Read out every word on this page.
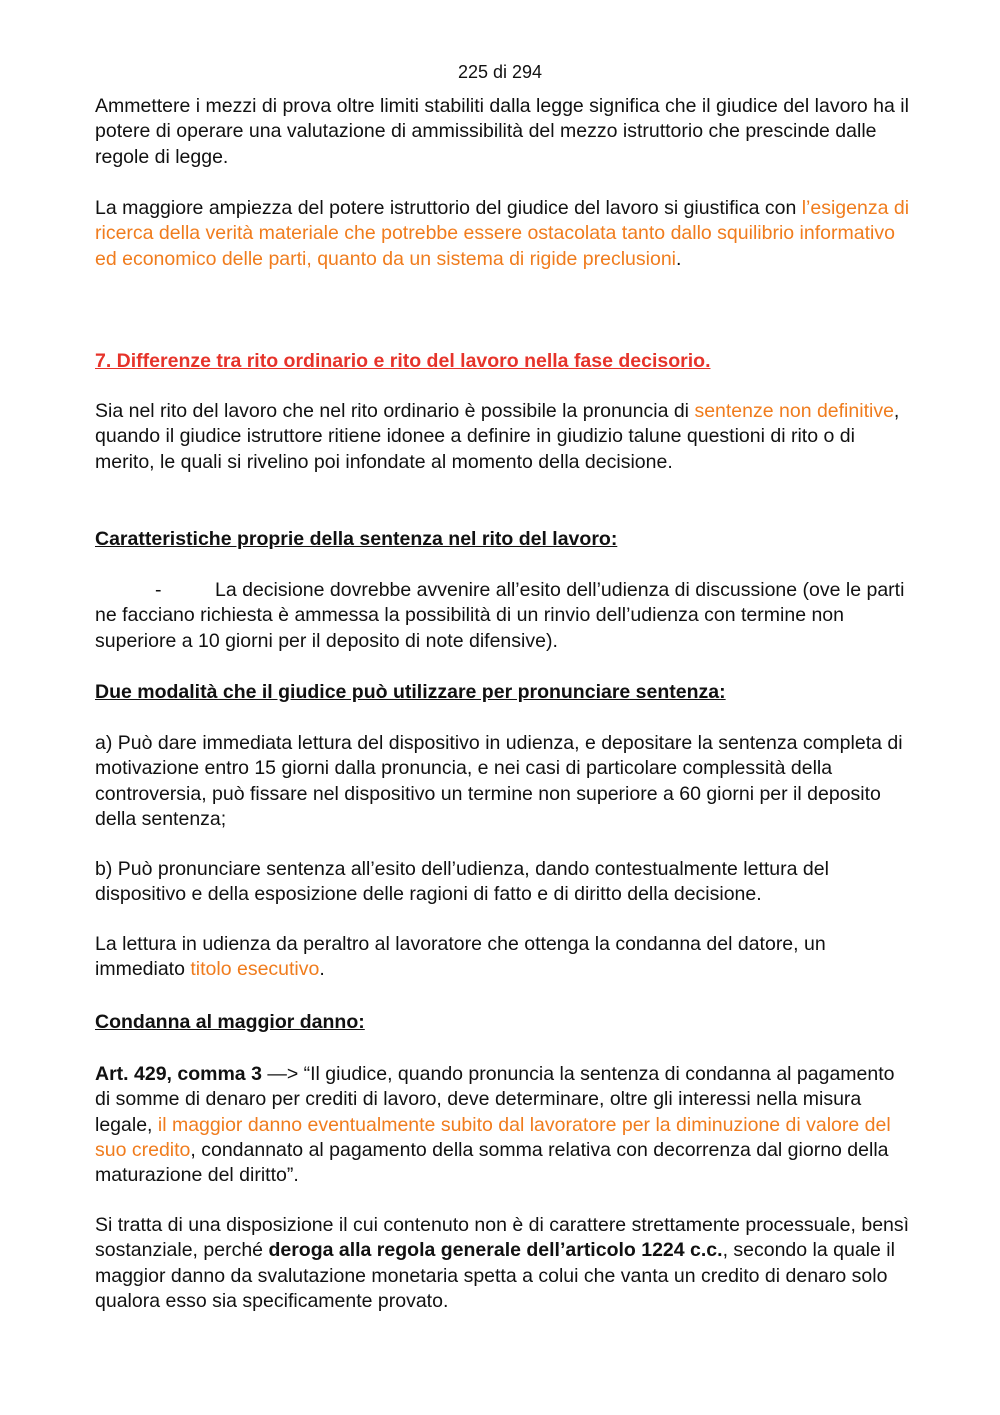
225 di 294

Ammettere i mezzi di prova oltre limiti stabiliti dalla legge significa che il giudice del lavoro ha il potere di operare una valutazione di ammissibilità del mezzo istruttorio che prescinde dalle regole di legge.

La maggiore ampiezza del potere istruttorio del giudice del lavoro si giustifica con l’esigenza di ricerca della verità materiale che potrebbe essere ostacolata tanto dallo squilibrio informativo ed economico delle parti, quanto da un sistema di rigide preclusioni.

7. Differenze tra rito ordinario e rito del lavoro nella fase decisorio.

Sia nel rito del lavoro che nel rito ordinario è possibile la pronuncia di sentenze non definitive, quando il giudice istruttore ritiene idonee a definire in giudizio talune questioni di rito o di merito, le quali si rivelino poi infondate al momento della decisione.

Caratteristiche proprie della sentenza nel rito del lavoro:

-	La decisione dovrebbe avvenire all’esito dell’udienza di discussione (ove le parti ne facciano richiesta è ammessa la possibilità di un rinvio dell’udienza con termine non superiore a 10 giorni per il deposito di note difensive).

Due modalità che il giudice può utilizzare per pronunciare sentenza:

a) Può dare immediata lettura del dispositivo in udienza, e depositare la sentenza completa di motivazione entro 15 giorni dalla pronuncia, e nei casi di particolare complessità della controversia, può fissare nel dispositivo un termine non superiore a 60 giorni per il deposito della sentenza;

b) Può pronunciare sentenza all’esito dell’udienza, dando contestualmente lettura del dispositivo e della esposizione delle ragioni di fatto e di diritto della decisione.

La lettura in udienza da peraltro al lavoratore che ottenga la condanna del datore, un immediato titolo esecutivo.

Condanna al maggior danno:

Art. 429, comma 3 —> “Il giudice, quando pronuncia la sentenza di condanna al pagamento di somme di denaro per crediti di lavoro, deve determinare, oltre gli interessi nella misura legale, il maggior danno eventualmente subito dal lavoratore per la diminuzione di valore del suo credito, condannato al pagamento della somma relativa con decorrenza dal giorno della maturazione del diritto”.

Si tratta di una disposizione il cui contenuto non è di carattere strettamente processuale, bensì sostanziale, perché deroga alla regola generale dell’articolo 1224 c.c., secondo la quale il maggior danno da svalutazione monetaria spetta a colui che vanta un credito di denaro solo qualora esso sia specificamente provato.
